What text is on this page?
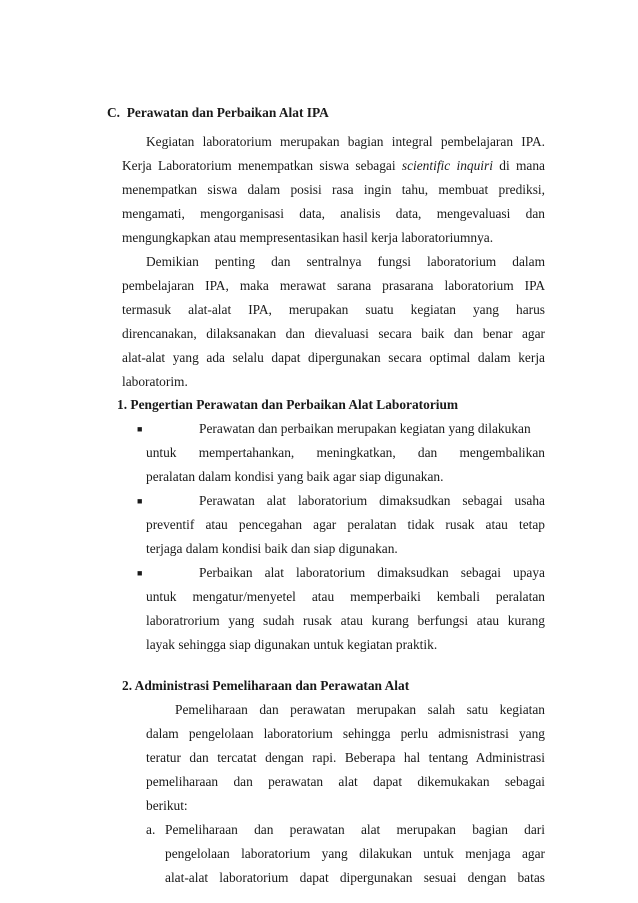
C. Perawatan dan Perbaikan Alat IPA
Kegiatan laboratorium merupakan bagian integral pembelajaran IPA.
Kerja Laboratorium menempatkan siswa sebagai scientific inquiri di mana
menempatkan siswa dalam posisi rasa ingin tahu, membuat prediksi,
mengamati, mengorganisasi data, analisis data, mengevaluasi dan
mengungkapkan atau mempresentasikan hasil kerja laboratoriumnya.
Demikian penting dan sentralnya fungsi laboratorium dalam
pembelajaran IPA, maka merawat sarana prasarana laboratorium IPA
termasuk alat-alat IPA, merupakan suatu kegiatan yang harus
direncanakan, dilaksanakan dan dievaluasi secara baik dan benar agar
alat-alat yang ada selalu dapat dipergunakan secara optimal dalam kerja
laboratorim.
1. Pengertian Perawatan dan Perbaikan Alat Laboratorium
■	Perawatan dan perbaikan merupakan kegiatan yang dilakukan
untuk mempertahankan, meningkatkan, dan mengembalikan
peralatan dalam kondisi yang baik agar siap digunakan.
■	Perawatan alat laboratorium dimaksudkan sebagai usaha
preventif atau pencegahan agar peralatan tidak rusak atau tetap
terjaga dalam kondisi baik dan siap digunakan.
■	Perbaikan alat laboratorium dimaksudkan sebagai upaya
untuk mengatur/menyetel atau memperbaiki kembali peralatan
laboratrorium yang sudah rusak atau kurang berfungsi atau kurang
layak sehingga siap digunakan untuk kegiatan praktik.
2. Administrasi Pemeliharaan dan Perawatan Alat
Pemeliharaan dan perawatan merupakan salah satu kegiatan
dalam pengelolaan laboratorium sehingga perlu admisnistrasi yang
teratur dan tercatat dengan rapi. Beberapa hal tentang Administrasi
pemeliharaan dan perawatan alat dapat dikemukakan sebagai
berikut:
a. Pemeliharaan dan perawatan alat merupakan bagian dari
pengelolaan laboratorium yang dilakukan untuk menjaga agar
alat-alat laboratorium dapat dipergunakan sesuai dengan batas
